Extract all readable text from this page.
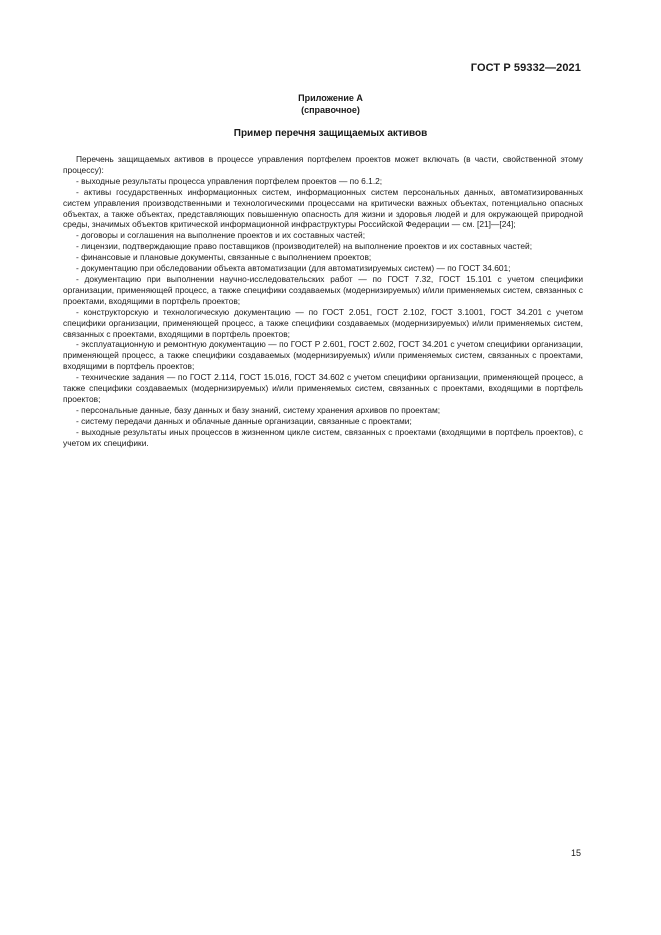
ГОСТ Р 59332—2021
Приложение А
(справочное)
Пример перечня защищаемых активов

Перечень защищаемых активов в процессе управления портфелем проектов может включать (в части, свойственной этому процессу):

- выходные результаты процесса управления портфелем проектов — по 6.1.2;

- активы государственных информационных систем, информационных систем персональных данных, автоматизированных систем управления производственными и технологическими процессами на критически важных объектах, потенциально опасных объектах, а также объектах, представляющих повышенную опасность для жизни и здоровья людей и для окружающей природной среды, значимых объектов критической информационной инфраструктуры Российской Федерации — см. [21]—[24];

- договоры и соглашения на выполнение проектов и их составных частей;

- лицензии, подтверждающие право поставщиков (производителей) на выполнение проектов и их составных частей;

- финансовые и плановые документы, связанные с выполнением проектов;

- документацию при обследовании объекта автоматизации (для автоматизируемых систем) — по ГОСТ 34.601;

- документацию при выполнении научно-исследовательских работ — по ГОСТ 7.32, ГОСТ 15.101 с учетом специфики организации, применяющей процесс, а также специфики создаваемых (модернизируемых) и/или применяемых систем, связанных с проектами, входящими в портфель проектов;

- конструкторскую и технологическую документацию — по ГОСТ 2.051, ГОСТ 2.102, ГОСТ 3.1001, ГОСТ 34.201 с учетом специфики организации, применяющей процесс, а также специфики создаваемых (модернизируемых) и/или применяемых систем, связанных с проектами, входящими в портфель проектов;

- эксплуатационную и ремонтную документацию — по ГОСТ Р 2.601, ГОСТ 2.602, ГОСТ 34.201 с учетом специфики организации, применяющей процесс, а также специфики создаваемых (модернизируемых) и/или применяемых систем, связанных с проектами, входящими в портфель проектов;

- технические задания — по ГОСТ 2.114, ГОСТ 15.016, ГОСТ 34.602 с учетом специфики организации, применяющей процесс, а также специфики создаваемых (модернизируемых) и/или применяемых систем, связанных с проектами, входящими в портфель проектов;

- персональные данные, базу данных и базу знаний, систему хранения архивов по проектам;

- систему передачи данных и облачные данные организации, связанные с проектами;

- выходные результаты иных процессов в жизненном цикле систем, связанных с проектами (входящими в портфель проектов), с учетом их специфики.

15
